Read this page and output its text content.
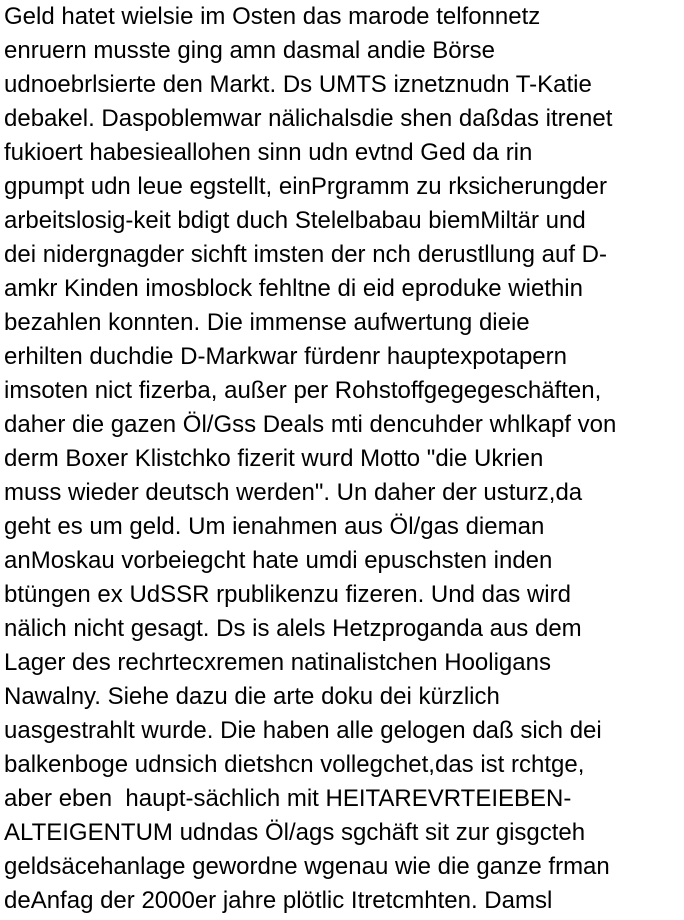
Geld hatet wielsie im Osten das marode telfonnetz
enruern musste ging amn dasmal andie Börse
udnoebrlsierte den Markt. Ds UMTS iznetznudn T-Katie
debakel. Daspoblemwar nälichalsdie shen daßdas itrenet
fukioert habesieallohen sinn udn evtnd Ged da rin
gpumpt udn leue egstellt, einPrgramm zu rksicherungder
arbeitslosig-keit bdigt duch Stelelbabau biemMiltär und
dei nidergnagder sichft imsten der nch derustllung auf D-
amkr Kinden imosblock fehltne di eid eproduke wiethin
bezahlen konnten. Die immense aufwertung dieie
erhilten duchdie D-Markwar fürdenr hauptexpotapern
imsoten nict fizerba, außer per Rohstoffgegegeschäften,
daher die gazen Öl/Gss Deals mti dencuhder whlkapf von
derm Boxer Klistchko fizerit wurd Motto "die Ukrien
muss wieder deutsch werden". Un daher der usturz,da
geht es um geld. Um ienahmen aus Öl/gas dieman
anMoskau vorbeiegcht hate umdi epuschsten inden
btüngen ex UdSSR rpublikenzu fizeren. Und das wird
nälich nicht gesagt. Ds is alels Hetzproganda aus dem
Lager des rechrtecxremen natinalistchen Hooligans
Nawalny. Siehe dazu die arte doku dei kürzlich
uasgestrahlt wurde. Die haben alle gelogen daß sich dei
balkenboge udnsich dietshcn vollegchet,das ist rchtge,
aber eben  haupt-sächlich mit HEITAREVRTEIEBEN-
ALTEIGENTUM udndas Öl/ags sgchäft sit zur gisgcteh
geldsäcehanlage gewordne wgenau wie die ganze frman
deAnfag der 2000er jahre plötlic Itretcmhten. Damsl
